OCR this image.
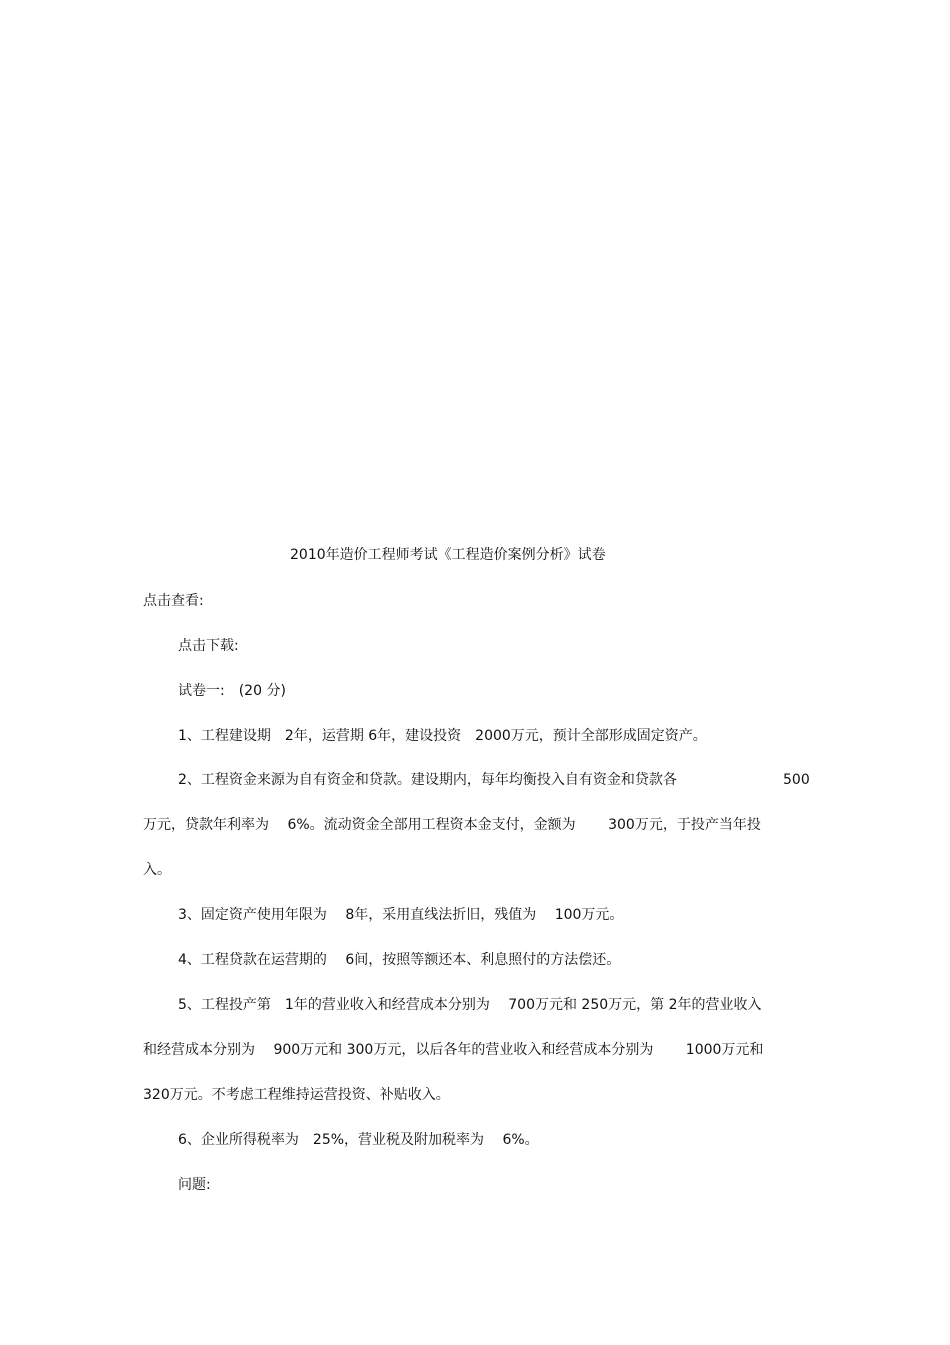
2010年造价工程师考试《工程造价案例分析》试卷
点击查看:
点击下载:
试卷一:　(20 分)
1、工程建设期　2年，运营期 6年，建设投资　2000万元，预计全部形成固定资产。
2、工程资金来源为自有资金和贷款。建设期内，每年均衡投入自有资金和贷款各	500
万元，贷款年利率为　 6%。流动资金全部用工程资本金支付，金额为　　 300万元，于投产当年投
入。
3、固定资产使用年限为　 8年，采用直线法折旧，残值为　 100万元。
4、工程贷款在运营期的　 6间，按照等额还本、利息照付的方法偿还。
5、工程投产第　1年的营业收入和经营成本分别为　 700万元和 250万元，第 2年的营业收入
和经营成本分别为　 900万元和 300万元，以后各年的营业收入和经营成本分别为　　 1000万元和
320万元。不考虑工程维持运营投资、补贴收入。
6、企业所得税率为　25%，营业税及附加税率为　 6%。
问题:
